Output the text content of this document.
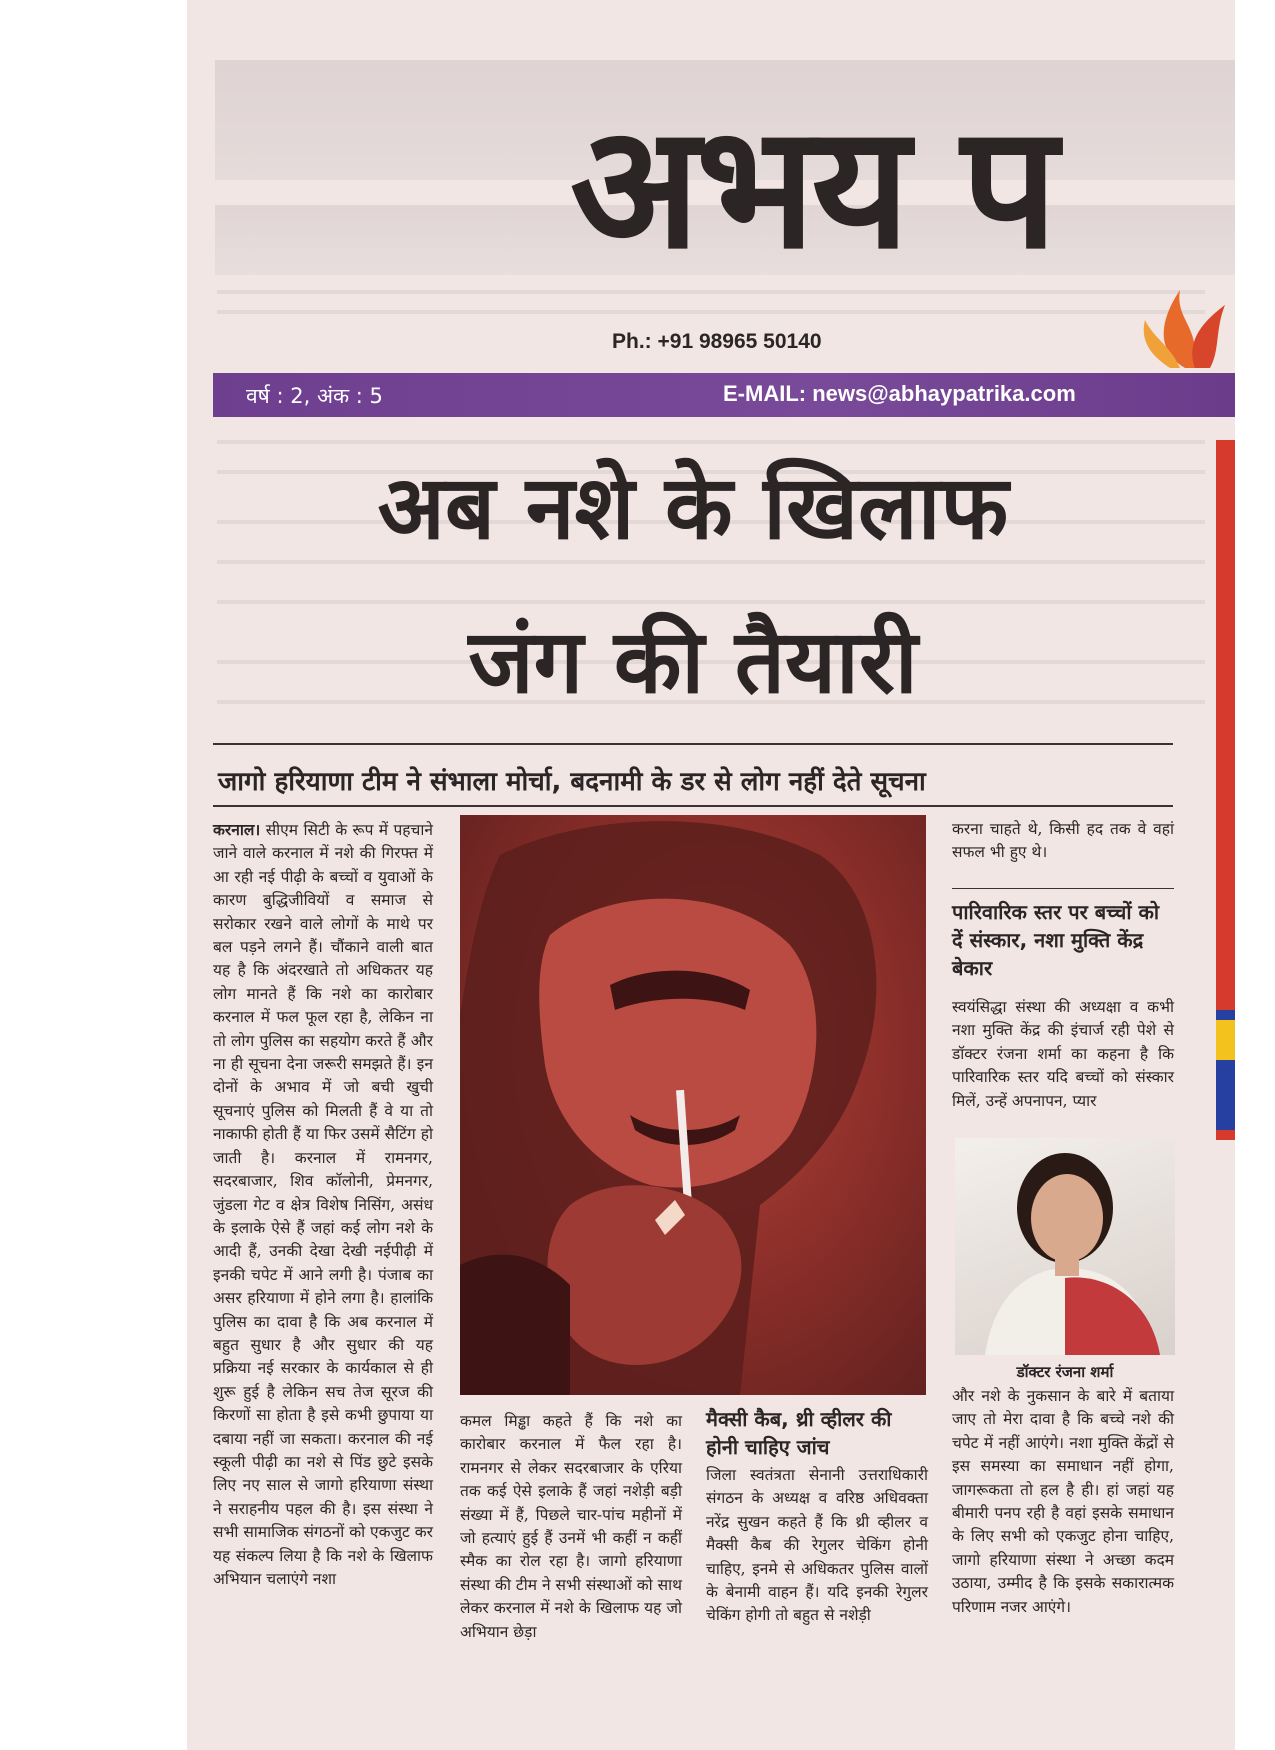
अभय प
Ph.: +91 98965 50140
वर्ष : 2, अंक : 5	E-MAIL: news@abhaypatrika.com
अब नशे के खिलाफ
जंग की तैयारी
जागो हरियाणा टीम ने संभाला मोर्चा, बदनामी के डर से लोग नहीं देते सूचना
करनाल। सीएम सिटी के रूप में पहचाने जाने वाले करनाल में नशे की गिरफ्त में आ रही नई पीढ़ी के बच्चों व युवाओं के कारण बुद्धिजीवियों व समाज से सरोकार रखने वाले लोगों के माथे पर बल पड़ने लगने हैं। चौंकाने वाली बात यह है कि अंदरखाते तो अधिकतर यह लोग मानते हैं कि नशे का कारोबार करनाल में फल फूल रहा है, लेकिन ना तो लोग पुलिस का सहयोग करते हैं और ना ही सूचना देना जरूरी समझते हैं। इन दोनों के अभाव में जो बची खुची सूचनाएं पुलिस को मिलती हैं वे या तो नाकाफी होती हैं या फिर उसमें सैटिंग हो जाती है। करनाल में रामनगर, सदरबाजार, शिव कॉलोनी, प्रेमनगर, जुंडला गेट व क्षेत्र विशेष निसिंग, असंध के इलाके ऐसे हैं जहां कई लोग नशे के आदी हैं, उनकी देखा देखी नईपीढ़ी में इनकी चपेट में आने लगी है। पंजाब का असर हरियाणा में होने लगा है। हालांकि पुलिस का दावा है कि अब करनाल में बहुत सुधार है और सुधार की यह प्रक्रिया नई सरकार के कार्यकाल से ही शुरू हुई है लेकिन सच तेज सूरज की किरणों सा होता है इसे कभी छुपाया या दबाया नहीं जा सकता। करनाल की नई स्कूली पीढ़ी का नशे से पिंड छुटे इसके लिए नए साल से जागो हरियाणा संस्था ने सराहनीय पहल की है। इस संस्था ने सभी सामाजिक संगठनों को एकजुट कर यह संकल्प लिया है कि नशे के खिलाफ अभियान चलाएंगे नशा
कमल मिड्ढा कहते हैं कि नशे का कारोबार करनाल में फैल रहा है। रामनगर से लेकर सदरबाजार के एरिया तक कई ऐसे इलाके हैं जहां नशेड़ी बड़ी संख्या में हैं, पिछले चार-पांच महीनों में जो हत्याएं हुई हैं उनमें भी कहीं न कहीं स्मैक का रोल रहा है। जागो हरियाणा संस्था की टीम ने सभी संस्थाओं को साथ लेकर करनाल में नशे के खिलाफ यह जो अभियान छेड़ा
मैक्सी कैब, थ्री व्हीलर की होनी चाहिए जांच
जिला स्वतंत्रता सेनानी उत्तराधिकारी संगठन के अध्यक्ष व वरिष्ठ अधिवक्ता नरेंद्र सुखन कहते हैं कि थ्री व्हीलर व मैक्सी कैब की रेगुलर चेकिंग होनी चाहिए, इनमे से अधिकतर पुलिस वालों के बेनामी वाहन हैं। यदि इनकी रेगुलर चेकिंग होगी तो बहुत से नशेड़ी
करना चाहते थे, किसी हद तक वे वहां सफल भी हुए थे।
पारिवारिक स्तर पर बच्चों को दें संस्कार, नशा मुक्ति केंद्र बेकार
स्वयंसिद्धा संस्था की अध्यक्षा व कभी नशा मुक्ति केंद्र की इंचार्ज रही पेशे से डॉक्टर रंजना शर्मा का कहना है कि पारिवारिक स्तर यदि बच्चों को संस्कार मिलें, उन्हें अपनापन, प्यार
डॉक्टर रंजना शर्मा
और नशे के नुकसान के बारे में बताया जाए तो मेरा दावा है कि बच्चे नशे की चपेट में नहीं आएंगे। नशा मुक्ति केंद्रों से इस समस्या का समाधान नहीं होगा, जागरूकता तो हल है ही। हां जहां यह बीमारी पनप रही है वहां इसके समाधान के लिए सभी को एकजुट होना चाहिए, जागो हरियाणा संस्था ने अच्छा कदम उठाया, उम्मीद है कि इसके सकारात्मक परिणाम नजर आएंगे।
